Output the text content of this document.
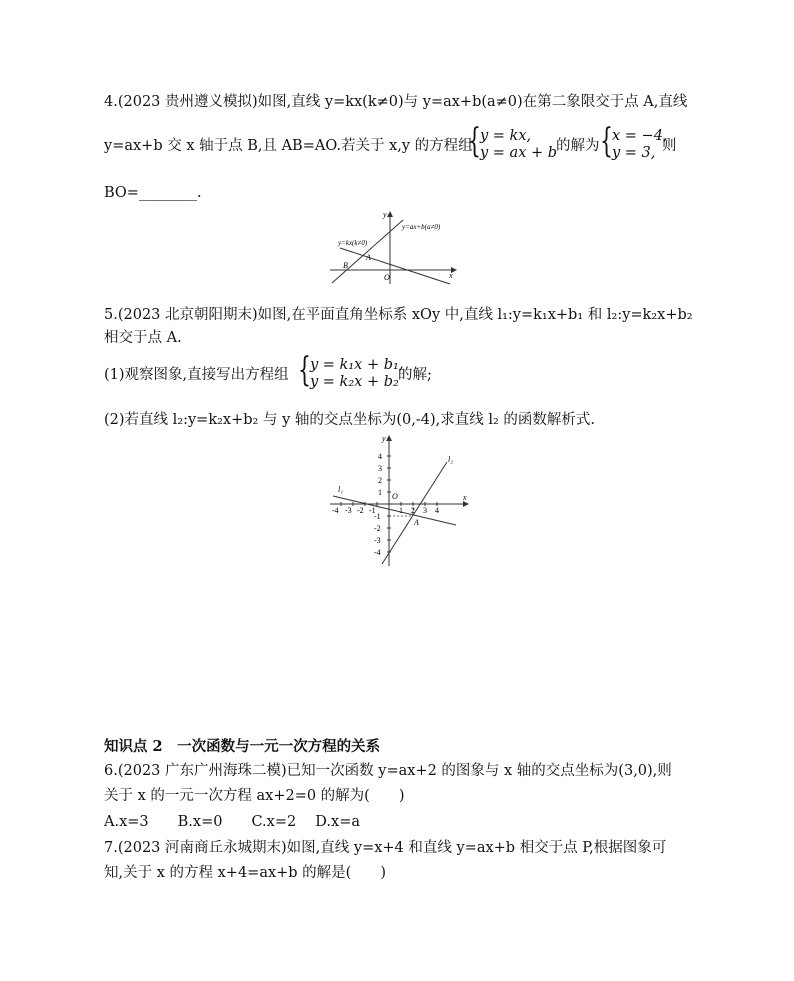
4.(2023 贵州遵义模拟)如图,直线 y=kx(k≠0)与 y=ax+b(a≠0)在第二象限交于点 A,直线
y=ax+b 交 x 轴于点 B,且 AB=AO.若关于 x,y 的方程组
{ y = kx,
y = ax + b
的解为 { x = −4,
y = 3, 则
BO=________.
y
x
O
A
B
y=ax+b(a≠0)
y=kx(k≠0)
5.(2023 北京朝阳期末)如图,在平面直角坐标系 xOy 中,直线 l₁:y=k₁x+b₁ 和 l₂:y=k₂x+b₂
相交于点 A.
(1)观察图象,直接写出方程组 { y = k₁x + b₁,
y = k₂x + b₂ 的解;
(2)若直线 l₂:y=k₂x+b₂ 与 y 轴的交点坐标为(0,-4),求直线 l₂ 的函数解析式.
4
3
2
1
-1
-2
-3
-4
-4 -3 -2 -1	1 2 3 4
y
x
O
A
l₁
l₂
知识点 2　一次函数与一元一次方程的关系
6.(2023 广东广州海珠二模)已知一次函数 y=ax+2 的图象与 x 轴的交点坐标为(3,0),则
关于 x 的一元一次方程 ax+2=0 的解为(　　)
A.x=3　　B.x=0　　C.x=2　 D.x=a
7.(2023 河南商丘永城期末)如图,直线 y=x+4 和直线 y=ax+b 相交于点 P,根据图象可
知,关于 x 的方程 x+4=ax+b 的解是(　　)
